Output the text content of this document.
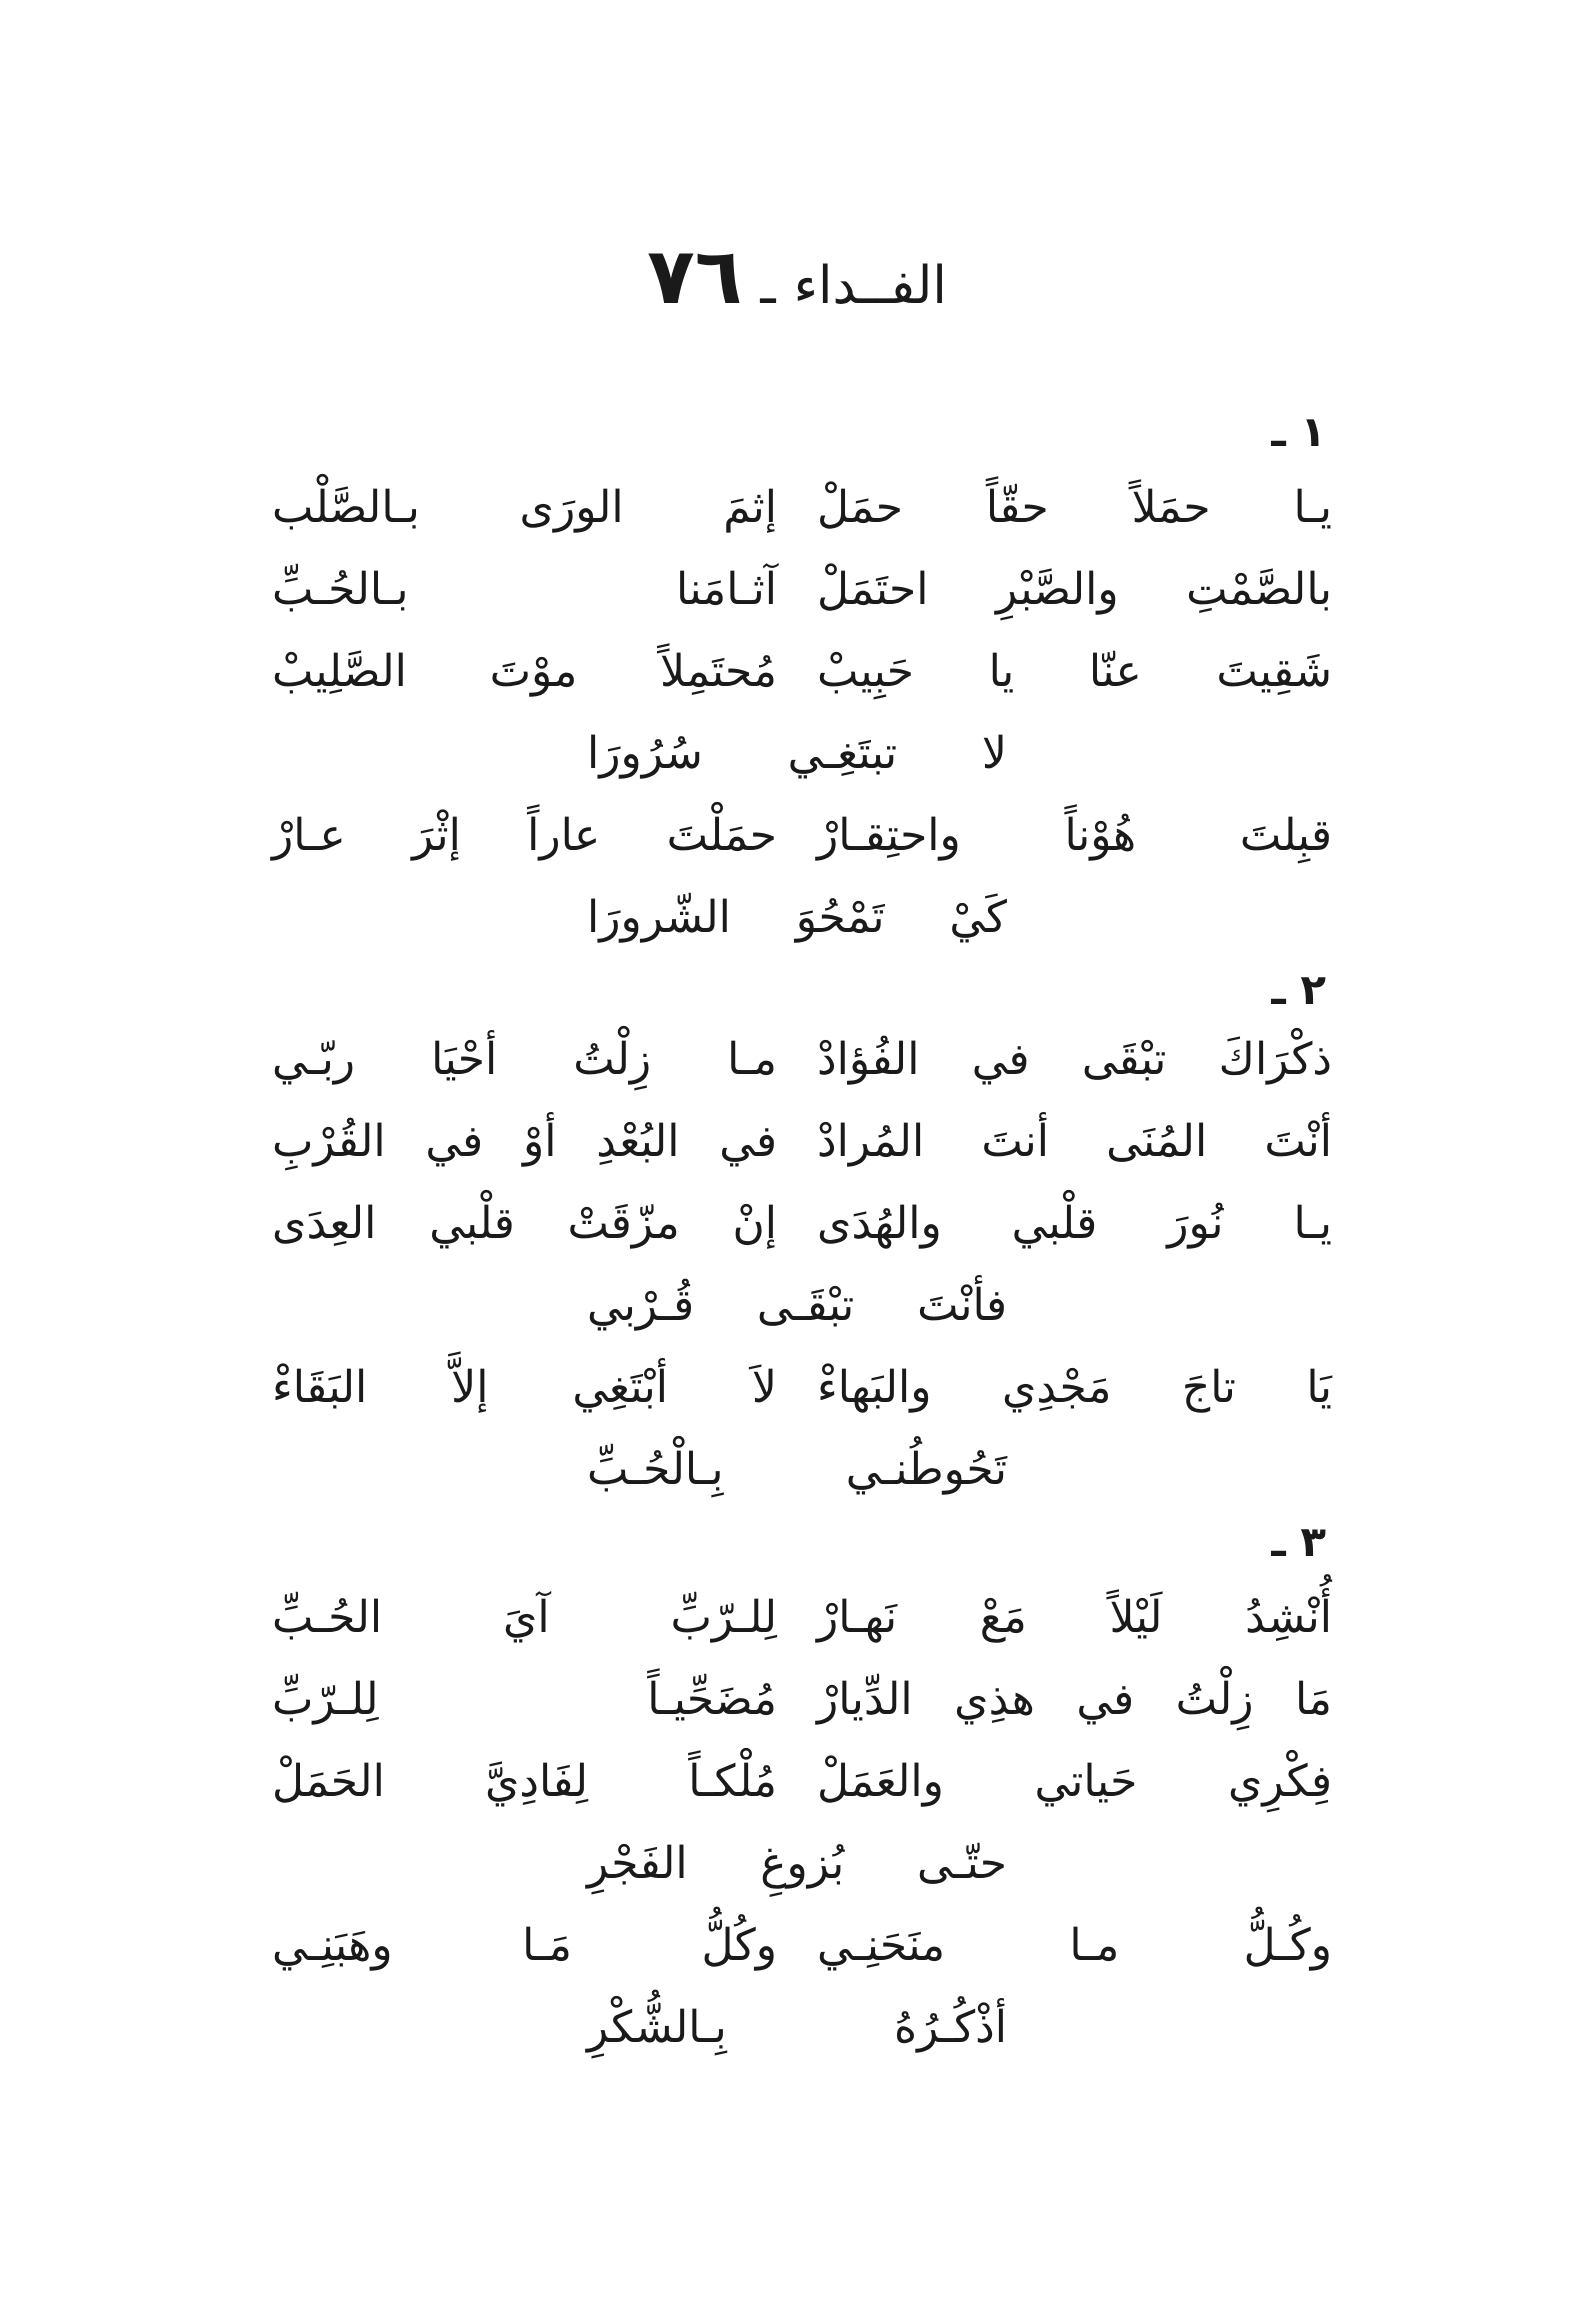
الفــداءـ٧٦
١ ـ
يـا حمَلاً حقّاً حمَلْ
إثمَ الورَى بـالصَّلْب
بالصَّمْتِ والصَّبْرِ احتَمَلْ
آثـامَنا بـالحُـبِّ
شَقِيتَ عنّا يا حَبِيبْ
مُحتَمِلاً موْتَ الصَّلِيبْ
لا تبتَغِـي سُرُورَا
قبِلتَ هُوْناً واحتِقـارْ
حمَلْتَ عاراً إثْرَ عـارْ
كَيْ تَمْحُوَ الشّرورَا
٢ ـ
ذكْرَاكَ تبْقَى في الفُؤادْ
مـا زِلْتُ أحْيَا ربّـي
أنْتَ المُنَى أنتَ المُرادْ
في البُعْدِ أوْ في القُرْبِ
يـا نُورَ قلْبي والهُدَى
إنْ مزّقَتْ قلْبي العِدَى
فأنْتَ تبْقَـى قُـرْبي
يَا تاجَ مَجْدِي والبَهاءْ
لاَ أبْتَغِي إلاَّ البَقَاءْ
تَحُوطُنـي بِـالْحُـبِّ
٣ ـ
أُنْشِدُ لَيْلاً مَعْ نَهـارْ
لِلـرّبِّ آيَ الحُـبِّ
مَا زِلْتُ في هذِي الدِّيارْ
مُضَحِّيـاً لِلـرّبِّ
فِكْرِي حَياتي والعَمَلْ
مُلْكـاً لِفَادِيَّ الحَمَلْ
حتّـى بُزوغِ الفَجْرِ
وكُـلُّ مـا منَحَنِـي
وكُلُّ مَـا وهَبَنِـي
أذْكُـرُهُ بِـالشُّكْرِ
